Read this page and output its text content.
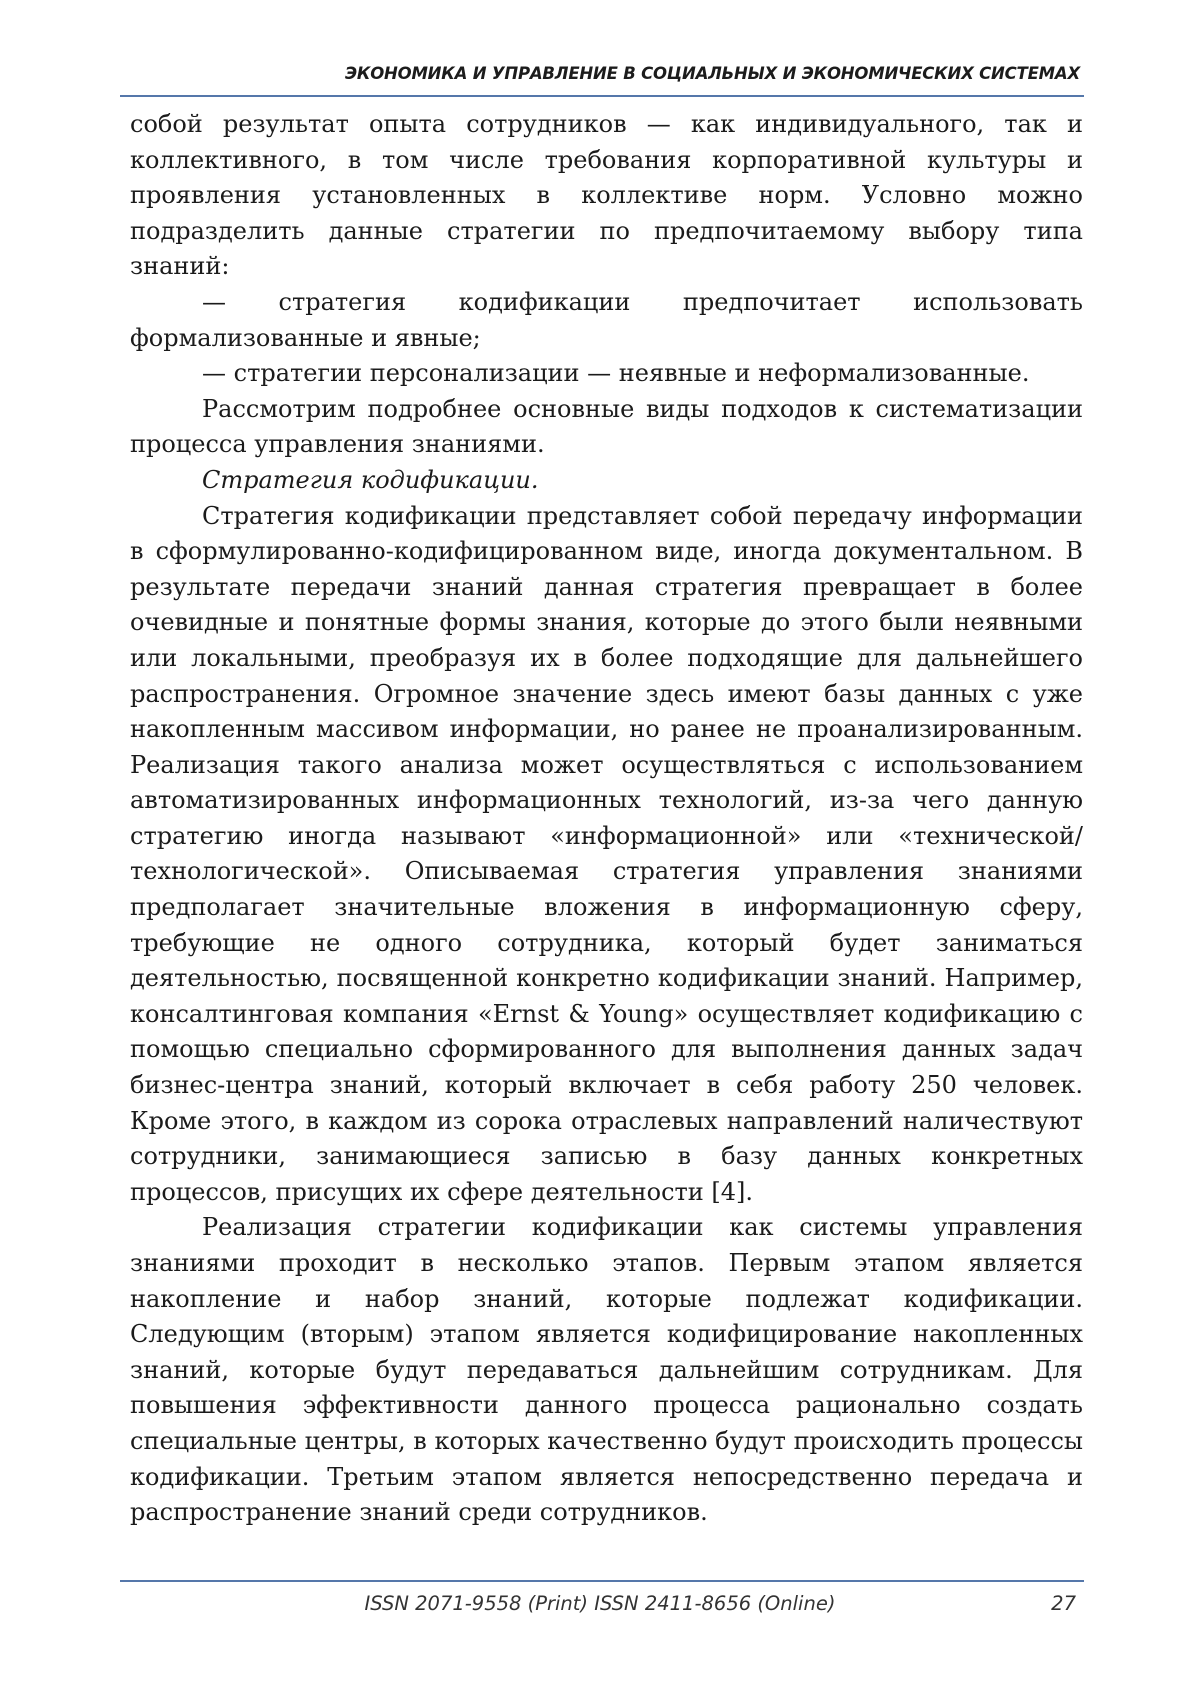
ЭКОНОМИКА И УПРАВЛЕНИЕ В СОЦИАЛЬНЫХ И ЭКОНОМИЧЕСКИХ СИСТЕМАХ

собой результат опыта сотрудников — как индивидуального, так и коллективного, в том числе требования корпоративной культуры и проявления установленных в коллективе норм. Условно можно подразделить данные стратегии по предпочитаемому выбору типа знаний:

— стратегия кодификации предпочитает использовать формализованные и явные;

— стратегии персонализации — неявные и неформализованные.

Рассмотрим подробнее основные виды подходов к систематизации процесса управления знаниями.

Стратегия кодификации.

Стратегия кодификации представляет собой передачу информации в сформулированно-кодифицированном виде, иногда документальном. В результате передачи знаний данная стратегия превращает в более очевидные и понятные формы знания, которые до этого были неявными или локальными, преобразуя их в более подходящие для дальнейшего распространения. Огромное значение здесь имеют базы данных с уже накопленным массивом информации, но ранее не проанализированным. Реализация такого анализа может осуществляться с использованием автоматизированных информационных технологий, из-за чего данную стратегию иногда называют «информационной» или «технической/технологической». Описываемая стратегия управления знаниями предполагает значительные вложения в информационную сферу, требующие не одного сотрудника, который будет заниматься деятельностью, посвященной конкретно кодификации знаний. Например, консалтинговая компания «Ernst & Young» осуществляет кодификацию с помощью специально сформированного для выполнения данных задач бизнес-центра знаний, который включает в себя работу 250 человек. Кроме этого, в каждом из сорока отраслевых направлений наличествуют сотрудники, занимающиеся записью в базу данных конкретных процессов, присущих их сфере деятельности [4].

Реализация стратегии кодификации как системы управления знаниями проходит в несколько этапов. Первым этапом является накопление и набор знаний, которые подлежат кодификации. Следующим (вторым) этапом является кодифицирование накопленных знаний, которые будут передаваться дальнейшим сотрудникам. Для повышения эффективности данного процесса рационально создать специальные центры, в которых качественно будут происходить процессы кодификации. Третьим этапом является непосредственно передача и распространение знаний среди сотрудников.

ISSN 2071-9558 (Print) ISSN 2411-8656 (Online)	27
